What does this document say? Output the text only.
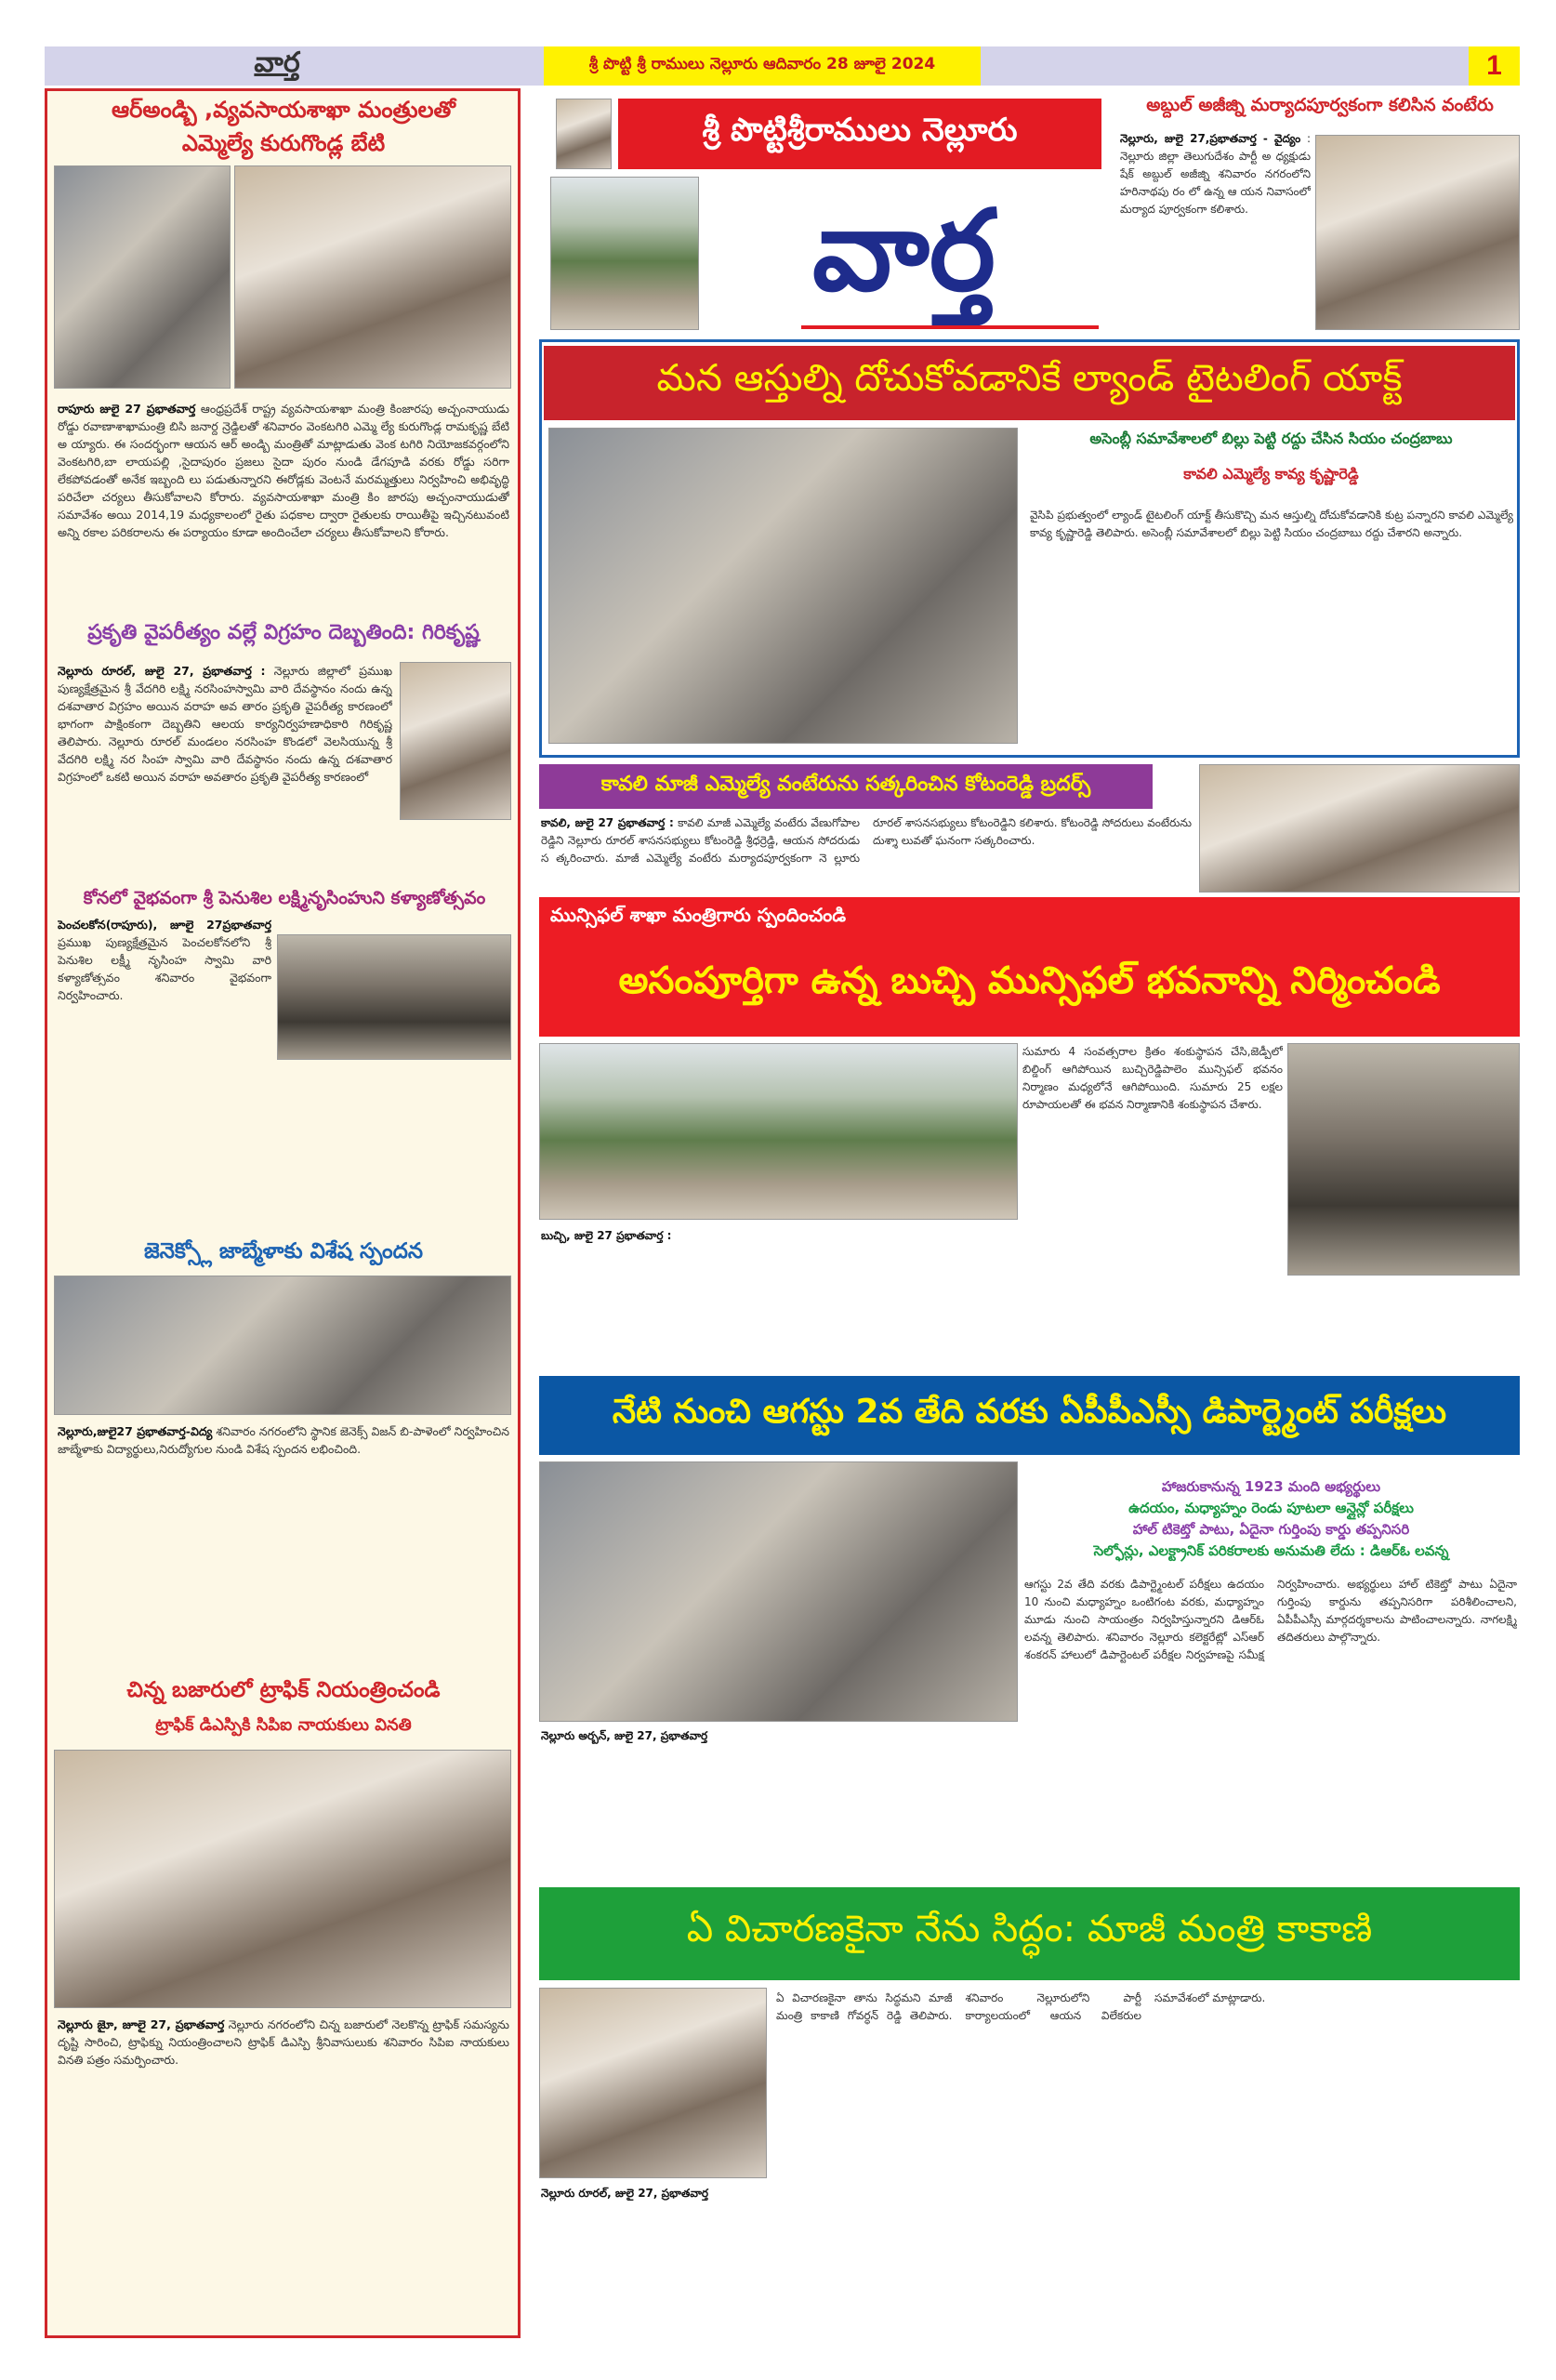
వార్త	శ్రీ పొట్టి శ్రీ రాములు నెల్లూరు ఆదివారం 28 జూలై 2024	1
ఆర్అండ్బి ,వ్యవసాయశాఖా మంత్రులతో
ఎమ్మెల్యే కురుగొండ్ల బేటి
రాపూరు జులై 27 ప్రభాతవార్త ఆంధ్రప్రదేశ్ రాష్ట్ర వ్యవసాయశాఖా మంత్రి కింజారపు అచ్చంనాయుడు రోడ్డు రవాణాశాఖామంత్రి బిసి జనార్ద న్రెడ్డిలతో శనివారం వెంకటగిరి ఎమ్మె ల్యే కురుగొండ్ల రామకృష్ణ బేటి అ య్యారు. ఈ సందర్భంగా ఆయన ఆర్ అండ్బి మంత్రితో మాట్లాడుతు వెంక టగిరి నియోజకవర్గంలోని వెంకటగిరి,బా లాయపల్లి ,సైదాపురం ప్రజలు సైదా పురం నుండి డేగపూడి వరకు రోడ్డు సరిగా లేకపోవడంతో అనేక ఇబ్బంది లు పడుతున్నారని ఈరోడ్లకు వెంటనే మరమ్మత్తులు నిర్వహించి అభివృద్ధి పరిచేలా చర్యలు తీసుకోవాలని కోరారు. వ్యవసాయశాఖా మంత్రి కిం జారపు అచ్చంనాయుడుతో సమావేశం అయి 2014,19 మధ్యకాలంలో రైతు పధకాల ద్వారా రైతులకు రాయితీపై ఇచ్చినటువంటి అన్ని రకాల పరికరాలను ఈ పర్యాయం కూడా అందించేలా చర్యలు తీసుకోవాలని కోరారు.
ప్రకృతి వైపరీత్యం వల్లే విగ్రహం దెబ్బతింది: గిరికృష్ణ
నెల్లూరు రూరల్, జులై 27, ప్రభాతవార్త : నెల్లూరు జిల్లాలో ప్రముఖ పుణ్యక్షేత్రమైన శ్రీ వేదగిరి లక్ష్మి నరసింహస్వామి వారి దేవస్థానం నందు ఉన్న దశవాతార విగ్రహం అయిన వరాహ అవ తారం ప్రకృతి వైపరీత్య కారణంలో భాగంగా పాక్షింకంగా దెబ్బతిని ఆలయ కార్యనిర్వహణాధికారి గిరికృష్ణ తెలిపారు. నెల్లూరు రూరల్ మండలం నరసింహ కొండలో వెలసియున్న శ్రీ వేదగిరి లక్ష్మి నర సింహ స్వామి వారి దేవస్థానం నందు ఉన్న దశవాతార విగ్రహంలో ఒకటి అయిన వరాహ అవతారం ప్రకృతి వైపరీత్య కారణంలో
కోనలో వైభవంగా శ్రీ పెనుశిల లక్ష్మినృసింహుని కళ్యాణోత్సవం
పెంచలకోన(రాపూరు), జూలై 27ప్రభాతవార్త ప్రముఖ పుణ్యక్షేత్రమైన పెంచలకోనలోని శ్రీ పెనుశిల లక్ష్మీ నృసింహ స్వామి వారి కళ్యాణోత్సవం శనివారం వైభవంగా నిర్వహించారు.
జెనెక్స్లో జాబ్మేళాకు విశేష స్పందన
నెల్లూరు,జులై27 ప్రభాతవార్త-విద్య శనివారం నగరంలోని స్థానిక జెనెక్స్ విజన్ బి-పాళెంలో నిర్వహించిన జాబ్మేళాకు విద్యార్థులు,నిరుద్యోగుల నుండి విశేష స్పందన లభించింది.
చిన్న బజారులో ట్రాఫిక్ నియంత్రించండి
ట్రాఫిక్ డిఎస్పికి సిపిఐ నాయకులు వినతి
నెల్లూరు జైూ, జూలై 27, ప్రభాతవార్త నెల్లూరు నగరంలోని చిన్న బజారులో నెలకొన్న ట్రాఫిక్ సమస్యను దృష్టి సారించి, ట్రాఫిక్ను నియంత్రించాలని ట్రాఫిక్ డిఎస్పి శ్రీనివాసులుకు శనివారం సిపిఐ నాయకులు వినతి పత్రం సమర్పించారు.
శ్రీ పొట్టిశ్రీరాములు నెల్లూరు
వార్త
అబ్దుల్ అజీజ్ని మర్యాదపూర్వకంగా కలిసిన వంటేరు
నెల్లూరు, జులై 27,ప్రభాతవార్త - వైద్యం : నెల్లూరు జిల్లా తెలుగుదేశం పార్టీ అ ధ్యక్షుడు షేక్ అబ్దుల్ అజీజ్ని శనివారం నగరంలోని హరినాథపు రం లో ఉన్న ఆ యన నివాసంలో మర్యాద పూర్వకంగా కలిశారు.
మన ఆస్తుల్ని దోచుకోవడానికే ల్యాండ్ టైటలింగ్ యాక్ట్
అసెంబ్లీ సమావేశాలలో బిల్లు పెట్టి రద్దు చేసిన సియం చంద్రబాబు
కావలి ఎమ్మెల్యే కావ్య కృష్ణారెడ్డి
వైసిపి ప్రభుత్వంలో ల్యాండ్ టైటలింగ్ యాక్ట్ తీసుకొచ్చి మన ఆస్తుల్ని దోచుకోవడానికి కుట్ర పన్నారని కావలి ఎమ్మెల్యే కావ్య కృష్ణారెడ్డి తెలిపారు. అసెంబ్లీ సమావేశాలలో బిల్లు పెట్టి సియం చంద్రబాబు రద్దు చేశారని అన్నారు.
కావలి మాజీ ఎమ్మెల్యే వంటేరును సత్కరించిన కోటంరెడ్డి బ్రదర్స్
కావలి, జులై 27 ప్రభాతవార్త : కావలి మాజీ ఎమ్మెల్యే వంటేరు వేణుగోపాల రెడ్డిని నెల్లూరు రూరల్ శాసనసభ్యులు కోటంరెడ్డి శ్రీధర్రెడ్డి, ఆయన సోదరుడు స త్కరించారు. మాజీ ఎమ్మెల్యే వంటేరు మర్యాదపూర్వకంగా నె ల్లూరు రూరల్ శాసనసభ్యులు కోటంరెడ్డిని కలిశారు. కోటంరెడ్డి సోదరులు వంటేరును దుశ్శా లువతో ఘనంగా సత్కరించారు.
మున్సిఫల్ శాఖా మంత్రిగారు స్పందించండి
అసంపూర్తిగా ఉన్న బుచ్చి మున్సిఫల్ భవనాన్ని నిర్మించండి
సుమారు 4 సంవత్సరాల క్రితం శంకుస్థాపన చేసి,జెడ్పీలో బిల్డింగ్ ఆగిపోయిన బుచ్చిరెడ్డిపాలెం మున్సిఫల్ భవనం నిర్మాణం మధ్యలోనే ఆగిపోయింది. సుమారు 25 లక్షల రూపాయలతో ఈ భవన నిర్మాణానికి శంకుస్థాపన చేశారు.
బుచ్చి, జులై 27 ప్రభాతవార్త :
నేటి నుంచి ఆగస్టు 2వ తేది వరకు ఏపీపీఎస్సీ డిపార్ట్మెంట్ పరీక్షలు
హాజరుకానున్న 1923 మంది అభ్యర్థులు
ఉదయం, మధ్యాహ్నం రెండు పూటలా ఆన్లైన్లో పరీక్షలు
హాల్ టికెట్తో పాటు, ఏదైనా గుర్తింపు కార్డు తప్పనిసరి
సెల్ఫోన్లు, ఎలక్ట్రానిక్ పరికరాలకు అనుమతి లేదు : డిఆర్ఓ లవన్న
ఆగస్టు 2వ తేది వరకు డిపార్ట్మెంటల్ పరీక్షలు ఉదయం 10 నుంచి మధ్యాహ్నం ఒంటిగంట వరకు, మధ్యాహ్నం మూడు నుంచి సాయంత్రం నిర్వహిస్తున్నారని డిఆర్ఓ లవన్న తెలిపారు. శనివారం నెల్లూరు కలెక్టరేట్లో ఎస్ఆర్ శంకరన్ హాలులో డిపార్టెంటల్ పరీక్షల నిర్వహణపై సమీక్ష నిర్వహించారు. అభ్యర్థులు హాల్ టికెట్తో పాటు ఏదైనా గుర్తింపు కార్డును తప్పనిసరిగా పరిశీలించాలని, ఏపీపీఎస్సీ మార్గదర్శకాలను పాటించాలన్నారు. నాగలక్ష్మి తదితరులు పాల్గొన్నారు.
నెల్లూరు అర్బన్, జులై 27, ప్రభాతవార్త
ఏ విచారణకైనా నేను సిద్ధం: మాజీ మంత్రి కాకాణి
నెల్లూరు రూరల్, జులై 27, ప్రభాతవార్త
ఏ విచారణకైనా తాను సిద్ధమని మాజీ మంత్రి కాకాణి గోవర్ధన్ రెడ్డి తెలిపారు. శనివారం నెల్లూరులోని పార్టీ కార్యాలయంలో ఆయన విలేకరుల సమావేశంలో మాట్లాడారు.
